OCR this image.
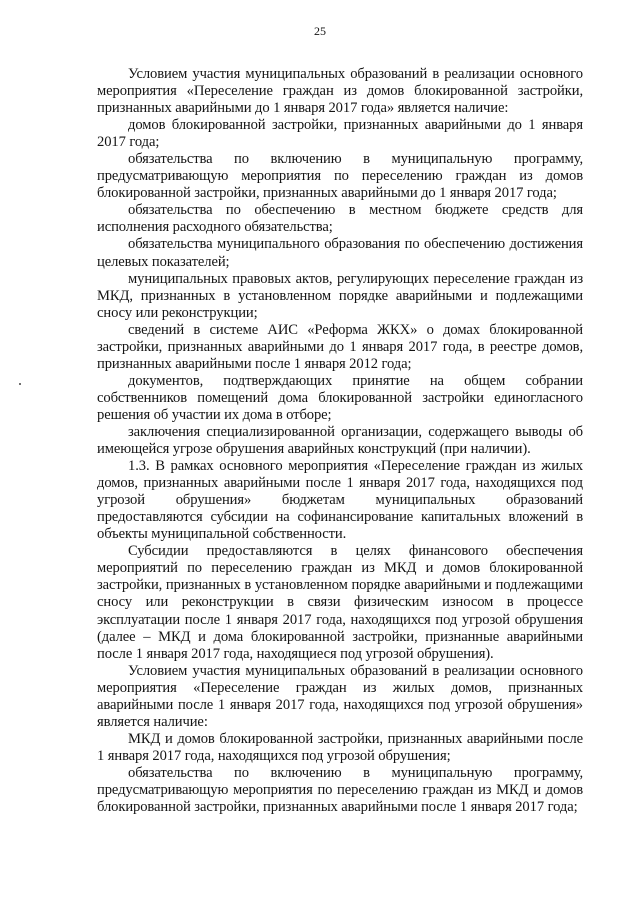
25

Условием участия муниципальных образований в реализации основного мероприятия «Переселение граждан из домов блокированной застройки, признанных аварийными до 1 января 2017 года» является наличие:

домов блокированной застройки, признанных аварийными до 1 января 2017 года;

обязательства по включению в муниципальную программу, предусматривающую мероприятия по переселению граждан из домов блокированной застройки, признанных аварийными до 1 января 2017 года;

обязательства по обеспечению в местном бюджете средств для исполнения расходного обязательства;

обязательства муниципального образования по обеспечению достижения целевых показателей;

муниципальных правовых актов, регулирующих переселение граждан из МКД, признанных в установленном порядке аварийными и подлежащими сносу или реконструкции;

сведений в системе АИС «Реформа ЖКХ» о домах блокированной застройки, признанных аварийными до 1 января 2017 года, в реестре домов, признанных аварийными после 1 января 2012 года;

документов, подтверждающих принятие на общем собрании собственников помещений дома блокированной застройки единогласного решения об участии их дома в отборе;

заключения специализированной организации, содержащего выводы об имеющейся угрозе обрушения аварийных конструкций (при наличии).

1.3. В рамках основного мероприятия «Переселение граждан из жилых домов, признанных аварийными после 1 января 2017 года, находящихся под угрозой обрушения» бюджетам муниципальных образований предоставляются субсидии на софинансирование капитальных вложений в объекты муниципальной собственности.

Субсидии предоставляются в целях финансового обеспечения мероприятий по переселению граждан из МКД и домов блокированной застройки, признанных в установленном порядке аварийными и подлежащими сносу или реконструкции в связи физическим износом в процессе эксплуатации после 1 января 2017 года, находящихся под угрозой обрушения (далее – МКД и дома блокированной застройки, признанные аварийными после 1 января 2017 года, находящиеся под угрозой обрушения).

Условием участия муниципальных образований в реализации основного мероприятия «Переселение граждан из жилых домов, признанных аварийными после 1 января 2017 года, находящихся под угрозой обрушения» является наличие:

МКД и домов блокированной застройки, признанных аварийными после 1 января 2017 года, находящихся под угрозой обрушения;

обязательства по включению в муниципальную программу, предусматривающую мероприятия по переселению граждан из МКД и домов блокированной застройки, признанных аварийными после 1 января 2017 года;
